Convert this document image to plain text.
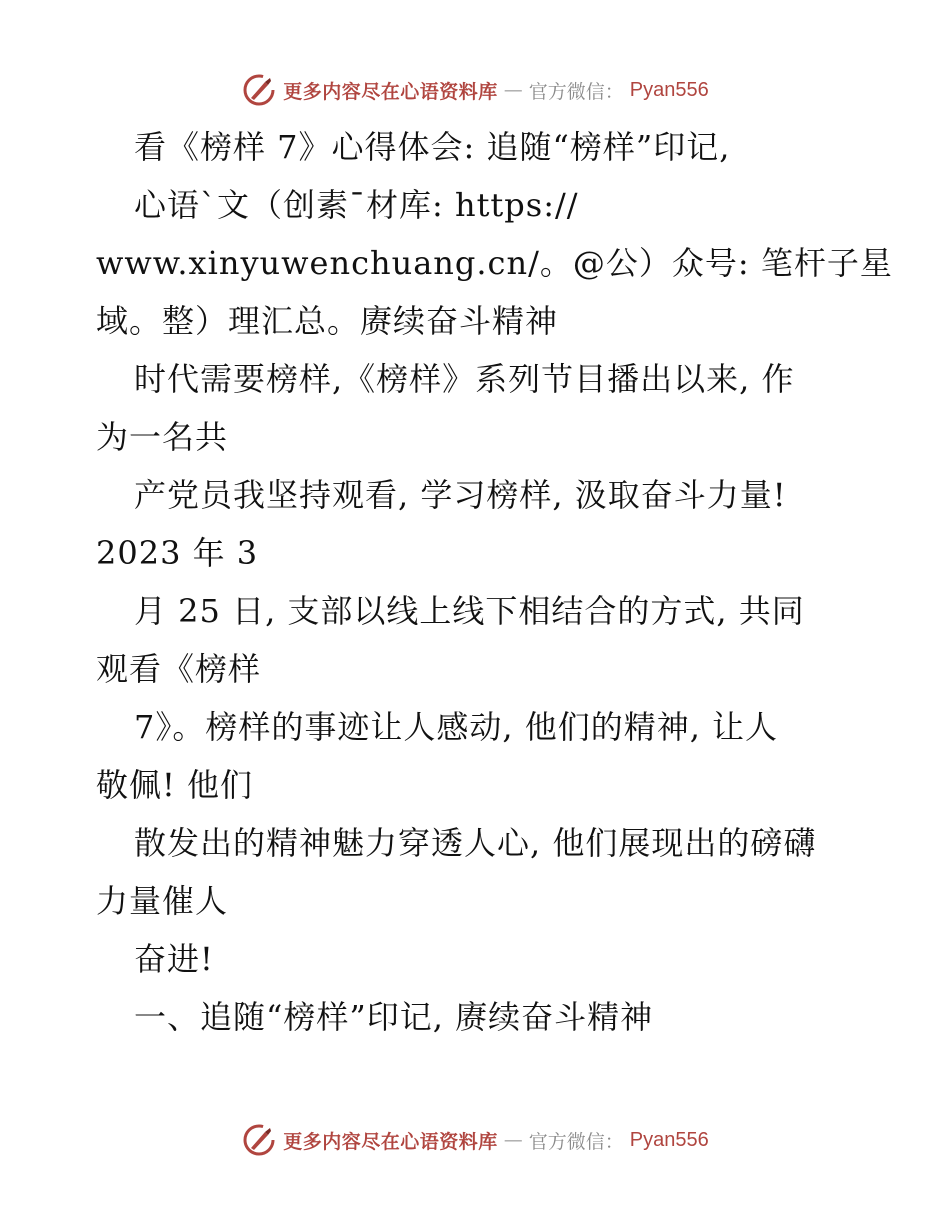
更多内容尽在心语资料库 — 官方微信： Pyan556
看《榜样 7》心得体会: 追随“榜样”印记,
心语`文（创素¯材库: https://
www.xinyuwenchuang.cn/。@公）众号: 笔杆子星
域。整）理汇总。赓续奋斗精神
时代需要榜样,《榜样》系列节目播出以来, 作
为一名共
产党员我坚持观看, 学习榜样, 汲取奋斗力量!
2023 年 3
月 25 日, 支部以线上线下相结合的方式, 共同
观看《榜样
7》。榜样的事迹让人感动, 他们的精神, 让人
敬佩! 他们
散发出的精神魅力穿透人心, 他们展现出的磅礴
力量催人
奋进!
一、追随“榜样”印记, 赓续奋斗精神
更多内容尽在心语资料库 — 官方微信： Pyan556
